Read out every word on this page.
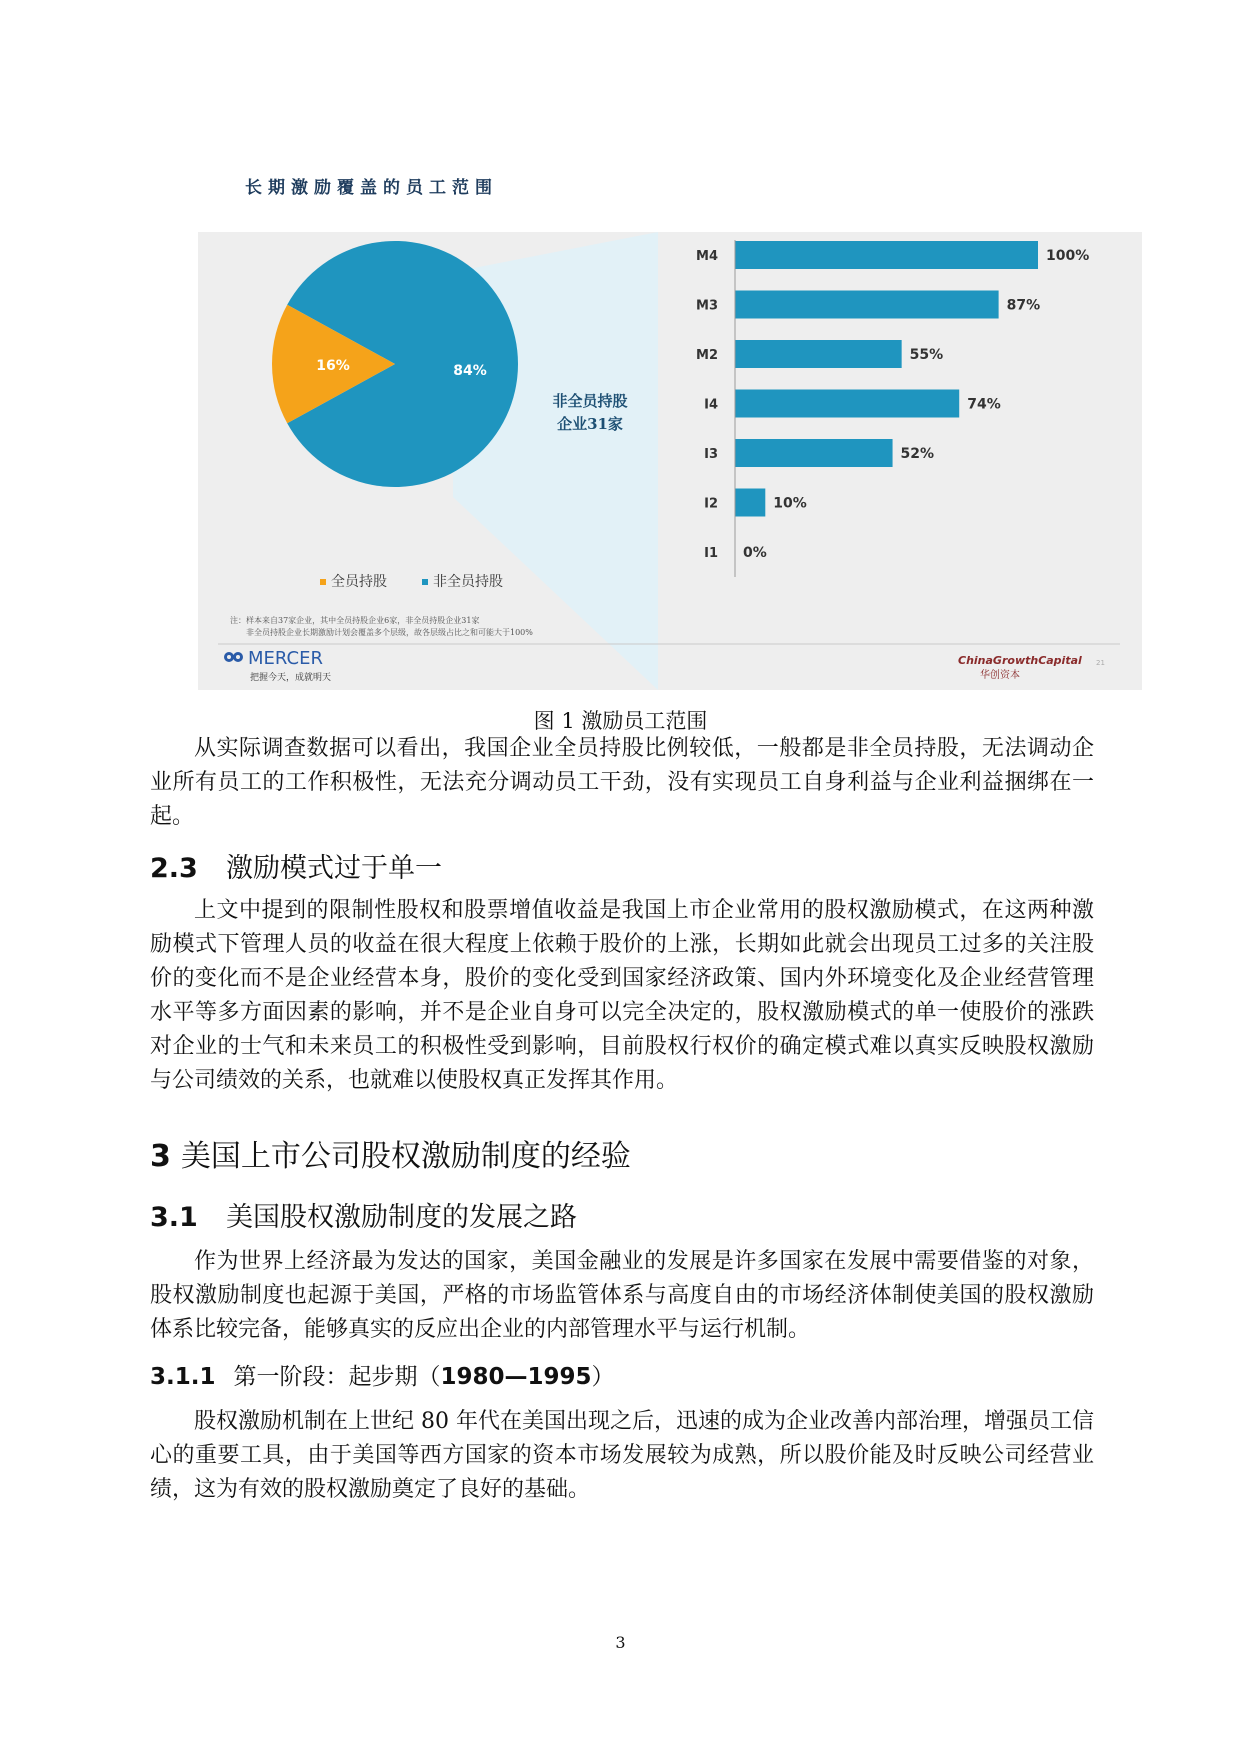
长期激励覆盖的员工范围
16%	84%
非全员持股
企业31家
M4	100%
M3	87%
M2	55%
I4	74%
I3	52%
I2	10%
I1 0%
全员持股	非全员持股
注：样本来自37家企业，其中全员持股企业6家，非全员持股企业31家
非全员持股企业长期激励计划会覆盖多个层级，故各层级占比之和可能大于100%
MERCER
把握今天，成就明天
ChinaGrowthCapital
华创资本
21
图 1 激励员工范围
从实际调查数据可以看出，我国企业全员持股比例较低，一般都是非全员持股，无法调动企业所有员工的工作积极性，无法充分调动员工干劲，没有实现员工自身利益与企业利益捆绑在一起。
2.3 激励模式过于单一
上文中提到的限制性股权和股票增值收益是我国上市企业常用的股权激励模式，在这两种激励模式下管理人员的收益在很大程度上依赖于股价的上涨，长期如此就会出现员工过多的关注股价的变化而不是企业经营本身，股价的变化受到国家经济政策、国内外环境变化及企业经营管理水平等多方面因素的影响，并不是企业自身可以完全决定的，股权激励模式的单一使股价的涨跌对企业的士气和未来员工的积极性受到影响，目前股权行权价的确定模式难以真实反映股权激励与公司绩效的关系，也就难以使股权真正发挥其作用。
3 美国上市公司股权激励制度的经验
3.1 美国股权激励制度的发展之路
作为世界上经济最为发达的国家，美国金融业的发展是许多国家在发展中需要借鉴的对象，股权激励制度也起源于美国，严格的市场监管体系与高度自由的市场经济体制使美国的股权激励体系比较完备，能够真实的反应出企业的内部管理水平与运行机制。
3.1.1 第一阶段：起步期（1980—1995）
股权激励机制在上世纪 80 年代在美国出现之后，迅速的成为企业改善内部治理，增强员工信心的重要工具，由于美国等西方国家的资本市场发展较为成熟，所以股价能及时反映公司经营业绩，这为有效的股权激励奠定了良好的基础。
3
